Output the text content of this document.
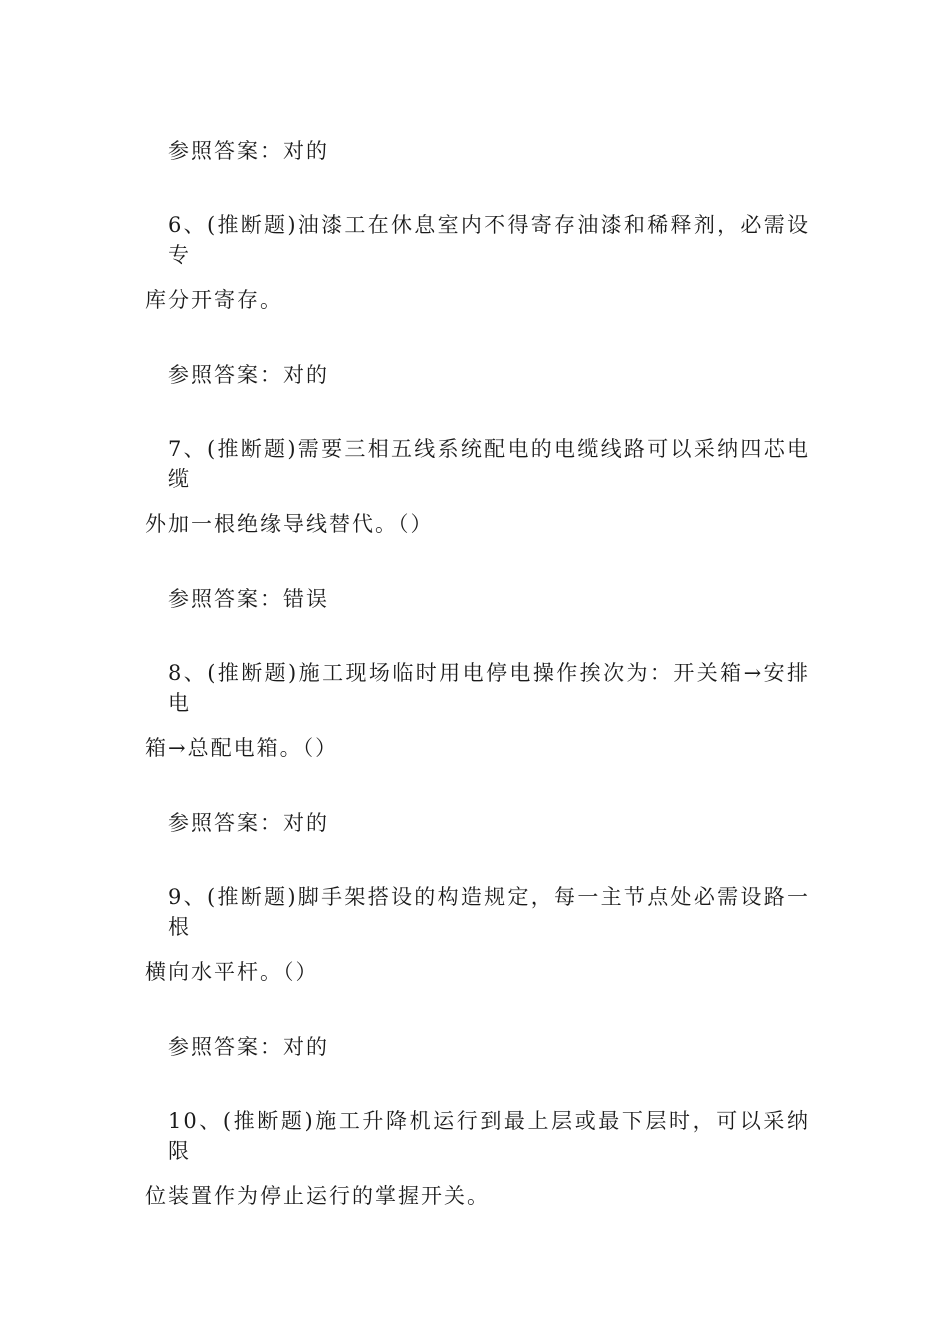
参照答案：对的
6、(推断题)油漆工在休息室内不得寄存油漆和稀释剂，必需设专
库分开寄存。
参照答案：对的
7、(推断题)需要三相五线系统配电的电缆线路可以采纳四芯电缆
外加一根绝缘导线替代。（）
参照答案：错误
8、(推断题)施工现场临时用电停电操作挨次为：开关箱→安排电
箱→总配电箱。（）
参照答案：对的
9、(推断题)脚手架搭设的构造规定，每一主节点处必需设路一根
横向水平杆。（）
参照答案：对的
10、(推断题)施工升降机运行到最上层或最下层时，可以采纳限
位装置作为停止运行的掌握开关。
